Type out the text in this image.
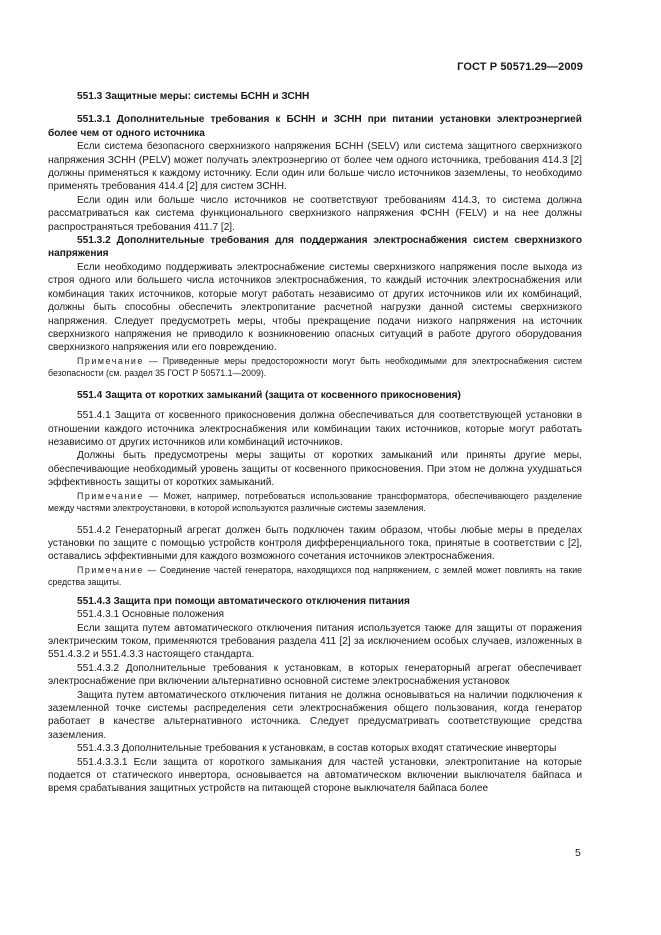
ГОСТ Р 50571.29—2009

551.3 Защитные меры: системы БСНН и ЗСНН

551.3.1 Дополнительные требования к БСНН и ЗСНН при питании установки электроэнергией более чем от одного источника

Если система безопасного сверхнизкого напряжения БСНН (SELV) или система защитного сверхнизкого напряжения ЗСНН (PELV) может получать электроэнергию от более чем одного источника, требования 414.3 [2] должны применяться к каждому источнику. Если один или больше число источников заземлены, то необходимо применять требования 414.4 [2] для систем ЗСНН.

Если один или больше число источников не соответствуют требованиям 414.3, то система должна рассматриваться как система функционального сверхнизкого напряжения ФСНН (FELV) и на нее должны распространяться требования 411.7 [2].

551.3.2 Дополнительные требования для поддержания электроснабжения систем сверхнизкого напряжения

Если необходимо поддерживать электроснабжение системы сверхнизкого напряжения после выхода из строя одного или большего числа источников электроснабжения, то каждый источник электроснабжения или комбинация таких источников, которые могут работать независимо от других источников или их комбинаций, должны быть способны обеспечить электропитание расчетной нагрузки данной системы сверхнизкого напряжения. Следует предусмотреть меры, чтобы прекращение подачи низкого напряжения на источник сверхнизкого напряжения не приводило к возникновению опасных ситуаций в работе другого оборудования сверхнизкого напряжения или его повреждению.

Примечание — Приведенные меры предосторожности могут быть необходимыми для электроснабжения систем безопасности (см. раздел 35 ГОСТ Р 50571.1—2009).

551.4 Защита от коротких замыканий (защита от косвенного прикосновения)

551.4.1 Защита от косвенного прикосновения должна обеспечиваться для соответствующей установки в отношении каждого источника электроснабжения или комбинации таких источников, которые могут работать независимо от других источников или комбинаций источников.

Должны быть предусмотрены меры защиты от коротких замыканий или приняты другие меры, обеспечивающие необходимый уровень защиты от косвенного прикосновения. При этом не должна ухудшаться эффективность защиты от коротких замыканий.

Примечание — Может, например, потребоваться использование трансформатора, обеспечивающего разделение между частями электроустановки, в которой используются различные системы заземления.

551.4.2 Генераторный агрегат должен быть подключен таким образом, чтобы любые меры в пределах установки по защите с помощью устройств контроля дифференциального тока, принятые в соответствии с [2], оставались эффективными для каждого возможного сочетания источников электроснабжения.

Примечание — Соединение частей генератора, находящихся под напряжением, с землей может повлиять на такие средства защиты.

551.4.3 Защита при помощи автоматического отключения питания

551.4.3.1 Основные положения

Если защита путем автоматического отключения питания используется также для защиты от поражения электрическим током, применяются требования раздела 411 [2] за исключением особых случаев, изложенных в 551.4.3.2 и 551.4.3.3 настоящего стандарта.

551.4.3.2 Дополнительные требования к установкам, в которых генераторный агрегат обеспечивает электроснабжение при включении альтернативно основной системе электроснабжения установок

Защита путем автоматического отключения питания не должна основываться на наличии подключения к заземленной точке системы распределения сети электроснабжения общего пользования, когда генератор работает в качестве альтернативного источника. Следует предусматривать соответствующие средства заземления.

551.4.3.3 Дополнительные требования к установкам, в состав которых входят статические инверторы

551.4.3.3.1 Если защита от короткого замыкания для частей установки, электропитание на которые подается от статического инвертора, основывается на автоматическом включении выключателя байпаса и время срабатывания защитных устройств на питающей стороне выключателя байпаса более

5
